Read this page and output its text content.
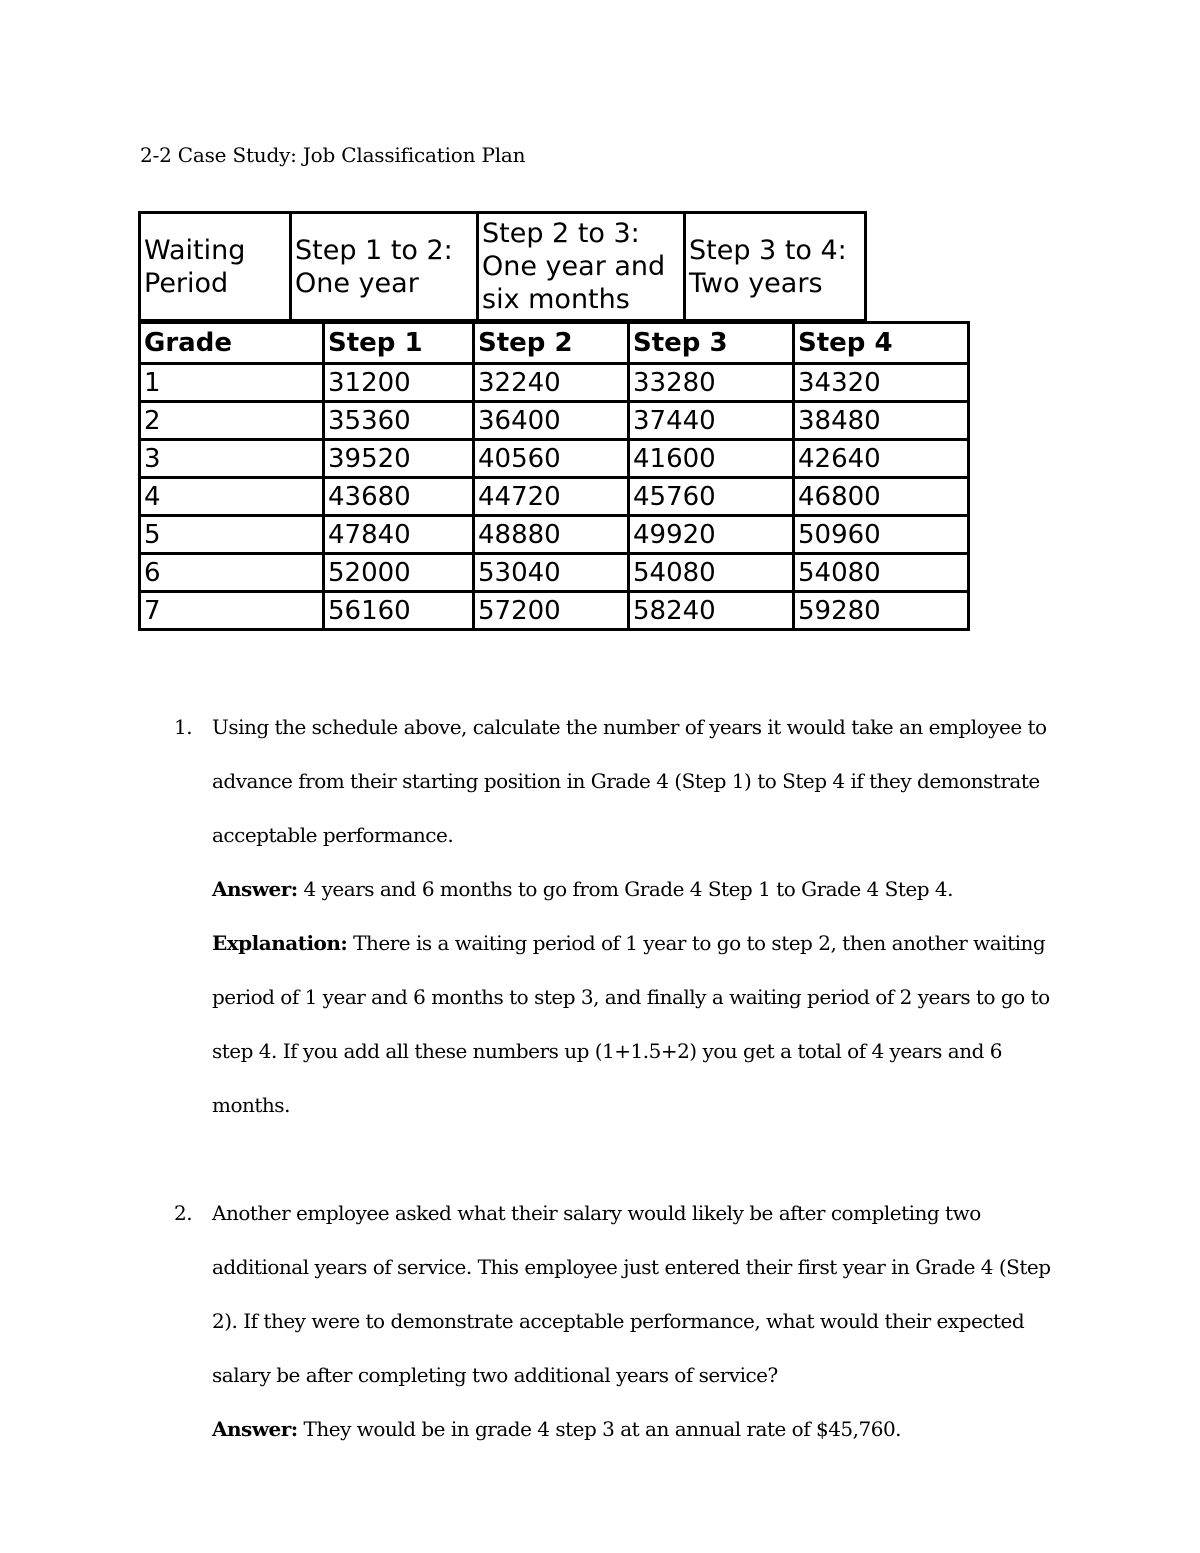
2-2 Case Study: Job Classification Plan
Waiting Period	Step 1 to 2: One year	Step 2 to 3: One year and six months	Step 3 to 4: Two years
Grade	Step 1	Step 2	Step 3	Step 4
1	31200	32240	33280	34320
2	35360	36400	37440	38480
3	39520	40560	41600	42640
4	43680	44720	45760	46800
5	47840	48880	49920	50960
6	52000	53040	54080	54080
7	56160	57200	58240	59280
1. Using the schedule above, calculate the number of years it would take an employee to advance from their starting position in Grade 4 (Step 1) to Step 4 if they demonstrate acceptable performance.
Answer: 4 years and 6 months to go from Grade 4 Step 1 to Grade 4 Step 4.
Explanation: There is a waiting period of 1 year to go to step 2, then another waiting period of 1 year and 6 months to step 3, and finally a waiting period of 2 years to go to step 4. If you add all these numbers up (1+1.5+2) you get a total of 4 years and 6 months.
2. Another employee asked what their salary would likely be after completing two additional years of service. This employee just entered their first year in Grade 4 (Step 2). If they were to demonstrate acceptable performance, what would their expected salary be after completing two additional years of service?
Answer: They would be in grade 4 step 3 at an annual rate of $45,760.
